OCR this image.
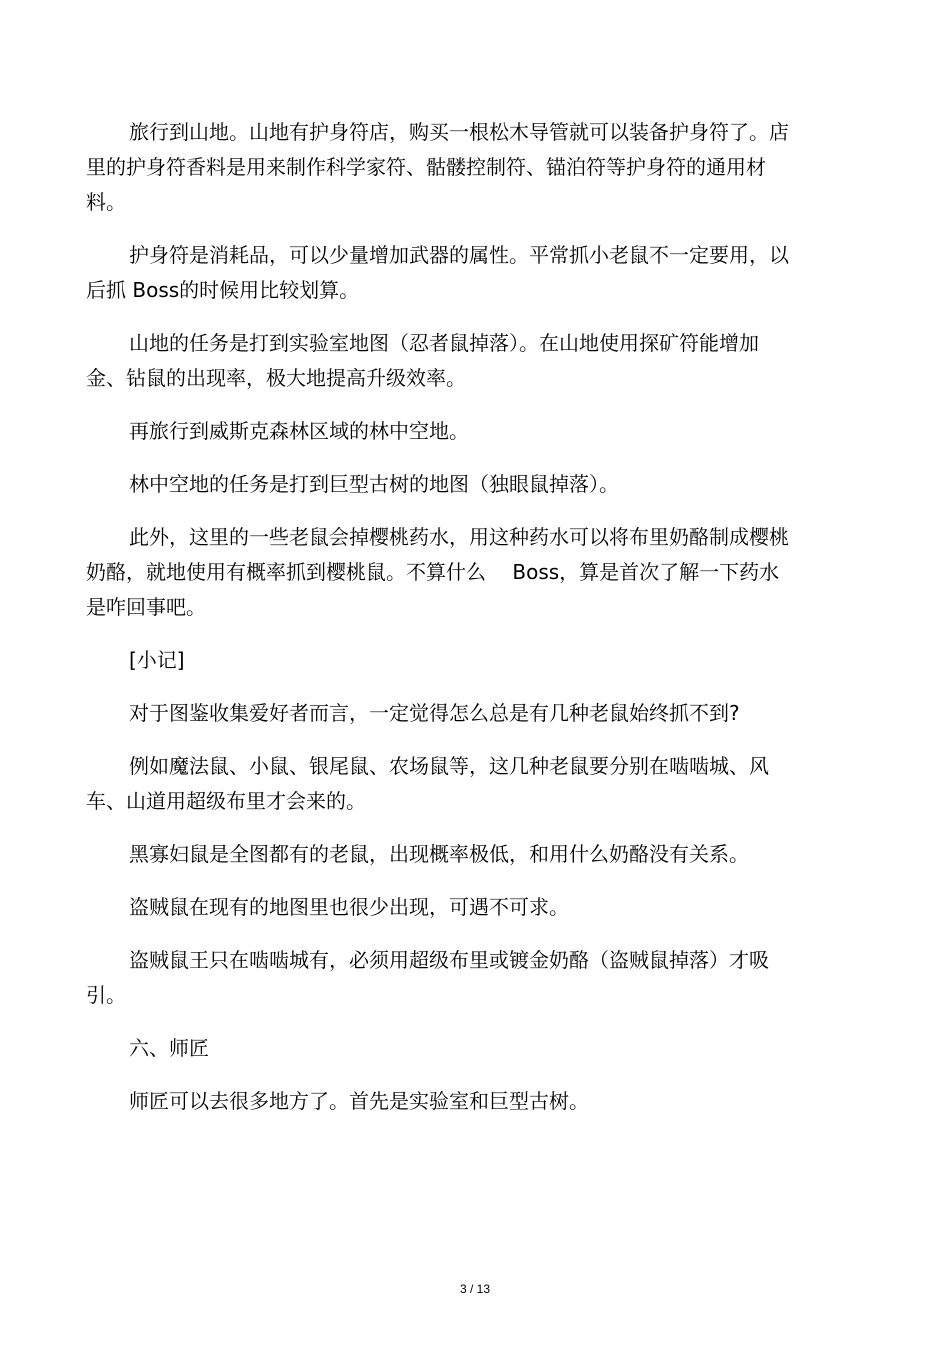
旅行到山地。山地有护身符店，购买一根松木导管就可以装备护身符了。店里的护身符香料是用来制作科学家符、骷髅控制符、锚泊符等护身符的通用材料。

护身符是消耗品，可以少量增加武器的属性。平常抓小老鼠不一定要用，以后抓 Boss的时候用比较划算。

山地的任务是打到实验室地图（忍者鼠掉落）。在山地使用探矿符能增加金、钻鼠的出现率，极大地提高升级效率。

再旅行到威斯克森林区域的林中空地。

林中空地的任务是打到巨型古树的地图（独眼鼠掉落）。

此外，这里的一些老鼠会掉樱桃药水，用这种药水可以将布里奶酪制成樱桃奶酪，就地使用有概率抓到樱桃鼠。不算什么　 Boss，算是首次了解一下药水是咋回事吧。

[小记]

对于图鉴收集爱好者而言，一定觉得怎么总是有几种老鼠始终抓不到?

例如魔法鼠、小鼠、银尾鼠、农场鼠等，这几种老鼠要分别在啮啮城、风车、山道用超级布里才会来的。

黑寡妇鼠是全图都有的老鼠，出现概率极低，和用什么奶酪没有关系。

盗贼鼠在现有的地图里也很少出现，可遇不可求。

盗贼鼠王只在啮啮城有，必须用超级布里或镀金奶酪（盗贼鼠掉落）才吸引。

六、师匠

师匠可以去很多地方了。首先是实验室和巨型古树。

3 / 13
